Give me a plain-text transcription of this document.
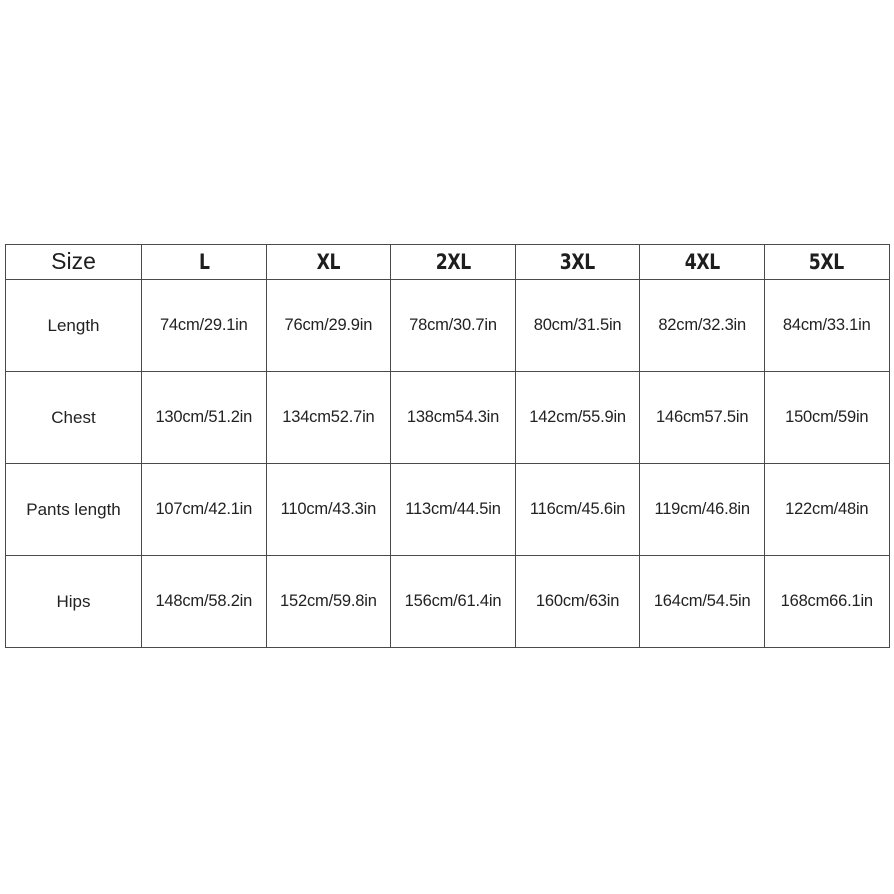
Size	L	XL	2XL	3XL	4XL	5XL
Length	74cm/29.1in	76cm/29.9in	78cm/30.7in	80cm/31.5in	82cm/32.3in	84cm/33.1in
Chest	130cm/51.2in	134cm52.7in	138cm54.3in	142cm/55.9in	146cm57.5in	150cm/59in
Pants length	107cm/42.1in	110cm/43.3in	113cm/44.5in	116cm/45.6in	119cm/46.8in	122cm/48in
Hips	148cm/58.2in	152cm/59.8in	156cm/61.4in	160cm/63in	164cm/54.5in	168cm66.1in
